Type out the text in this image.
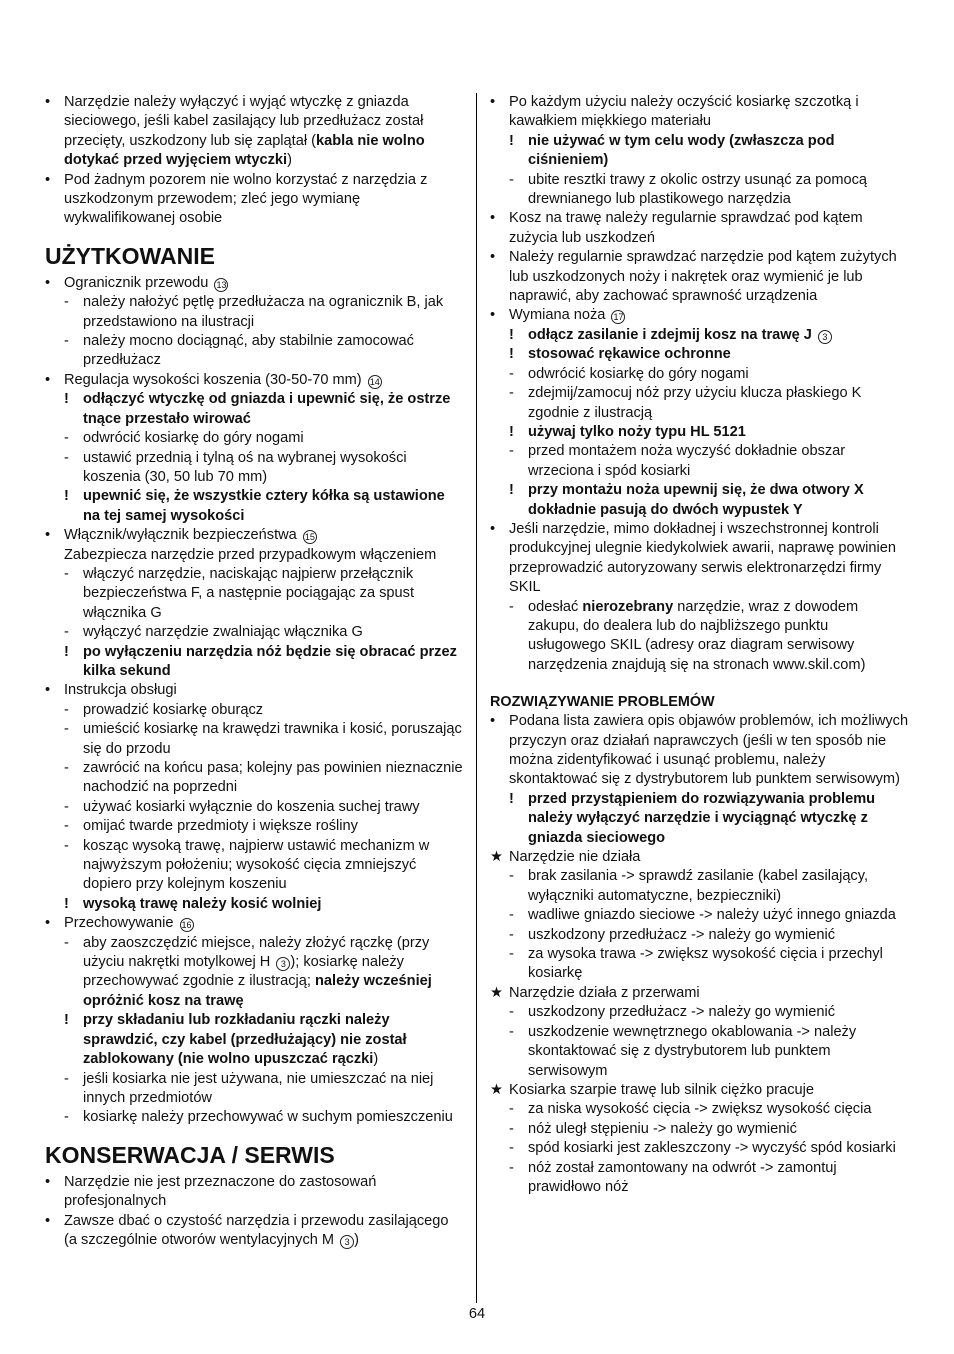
• Narzędzie należy wyłączyć i wyjąć wtyczkę z gniazda sieciowego, jeśli kabel zasilający lub przedłużacz został przecięty, uszkodzony lub się zaplątał (kabla nie wolno dotykać przed wyjęciem wtyczki)
• Pod żadnym pozorem nie wolno korzystać z narzędzia z uszkodzonym przewodem; zleć jego wymianę wykwalifikowanej osobie
UŻYTKOWANIE
• Ogranicznik przewodu 13
- należy nałożyć pętlę przedłużacza na ogranicznik B, jak przedstawiono na ilustracji
- należy mocno dociągnąć, aby stabilnie zamocować przedłużacz
• Regulacja wysokości koszenia (30-50-70 mm) 14
! odłączyć wtyczkę od gniazda i upewnić się, że ostrze tnące przestało wirować
- odwrócić kosiarkę do góry nogami
- ustawić przednią i tylną oś na wybranej wysokości koszenia (30, 50 lub 70 mm)
! upewnić się, że wszystkie cztery kółka są ustawione na tej samej wysokości
• Włącznik/wyłącznik bezpieczeństwa 15
Zabezpiecza narzędzie przed przypadkowym włączeniem
- włączyć narzędzie, naciskając najpierw przełącznik bezpieczeństwa F, a następnie pociągając za spust włącznika G
- wyłączyć narzędzie zwalniając włącznika G
! po wyłączeniu narzędzia nóż będzie się obracać przez kilka sekund
• Instrukcja obsługi
- prowadzić kosiarkę oburącz
- umieścić kosiarkę na krawędzi trawnika i kosić, poruszając się do przodu
- zawrócić na końcu pasa; kolejny pas powinien nieznacznie nachodzić na poprzedni
- używać kosiarki wyłącznie do koszenia suchej trawy
- omijać twarde przedmioty i większe rośliny
- kosząc wysoką trawę, najpierw ustawić mechanizm w najwyższym położeniu; wysokość cięcia zmniejszyć dopiero przy kolejnym koszeniu
! wysoką trawę należy kosić wolniej
• Przechowywanie 16
- aby zaoszczędzić miejsce, należy złożyć rączkę (przy użyciu nakrętki motylkowej H 3 ); kosiarkę należy przechowywać zgodnie z ilustracją; należy wcześniej opróżnić kosz na trawę
! przy składaniu lub rozkładaniu rączki należy sprawdzić, czy kabel (przedłużający) nie został zablokowany (nie wolno upuszczać rączki)
- jeśli kosiarka nie jest używana, nie umieszczać na niej innych przedmiotów
- kosiarkę należy przechowywać w suchym pomieszczeniu
KONSERWACJA / SERWIS
• Narzędzie nie jest przeznaczone do zastosowań profesjonalnych
• Zawsze dbać o czystość narzędzia i przewodu zasilającego (a szczególnie otworów wentylacyjnych M 3 )
• Po każdym użyciu należy oczyścić kosiarkę szczotką i kawałkiem miękkiego materiału
! nie używać w tym celu wody (zwłaszcza pod ciśnieniem)
- ubite resztki trawy z okolic ostrzy usunąć za pomocą drewnianego lub plastikowego narzędzia
• Kosz na trawę należy regularnie sprawdzać pod kątem zużycia lub uszkodzeń
• Należy regularnie sprawdzać narzędzie pod kątem zużytych lub uszkodzonych noży i nakrętek oraz wymienić je lub naprawić, aby zachować sprawność urządzenia
• Wymiana noża 17
! odłącz zasilanie i zdejmij kosz na trawę J 3
! stosować rękawice ochronne
- odwrócić kosiarkę do góry nogami
- zdejmij/zamocuj nóż przy użyciu klucza płaskiego K zgodnie z ilustracją
! używaj tylko noży typu HL 5121
- przed montażem noża wyczyść dokładnie obszar wrzeciona i spód kosiarki
! przy montażu noża upewnij się, że dwa otwory X dokładnie pasują do dwóch wypustek Y
• Jeśli narzędzie, mimo dokładnej i wszechstronnej kontroli produkcyjnej ulegnie kiedykolwiek awarii, naprawę powinien przeprowadzić autoryzowany serwis elektronarzędzi firmy SKIL
- odesłać nierozebrany narzędzie, wraz z dowodem zakupu, do dealera lub do najbliższego punktu usługowego SKIL (adresy oraz diagram serwisowy narzędzenia znajdują się na stronach www.skil.com)
ROZWIĄZYWANIE PROBLEMÓW
• Podana lista zawiera opis objawów problemów, ich możliwych przyczyn oraz działań naprawczych (jeśli w ten sposób nie można zidentyfikować i usunąć problemu, należy skontaktować się z dystrybutorem lub punktem serwisowym)
! przed przystąpieniem do rozwiązywania problemu należy wyłączyć narzędzie i wyciągnąć wtyczkę z gniazda sieciowego
★ Narzędzie nie działa
- brak zasilania -> sprawdź zasilanie (kabel zasilający, wyłączniki automatyczne, bezpieczniki)
- wadliwe gniazdo sieciowe -> należy użyć innego gniazda
- uszkodzony przedłużacz -> należy go wymienić
- za wysoka trawa -> zwiększ wysokość cięcia i przechyl kosiarkę
★ Narzędzie działa z przerwami
- uszkodzony przedłużacz -> należy go wymienić
- uszkodzenie wewnętrznego okablowania -> należy skontaktować się z dystrybutorem lub punktem serwisowym
★ Kosiarka szarpie trawę lub silnik ciężko pracuje
- za niska wysokość cięcia -> zwiększ wysokość cięcia
- nóż uległ stępieniu -> należy go wymienić
- spód kosiarki jest zakleszczony -> wyczyść spód kosiarki
- nóż został zamontowany na odwrót -> zamontuj prawidłowo nóż
64
